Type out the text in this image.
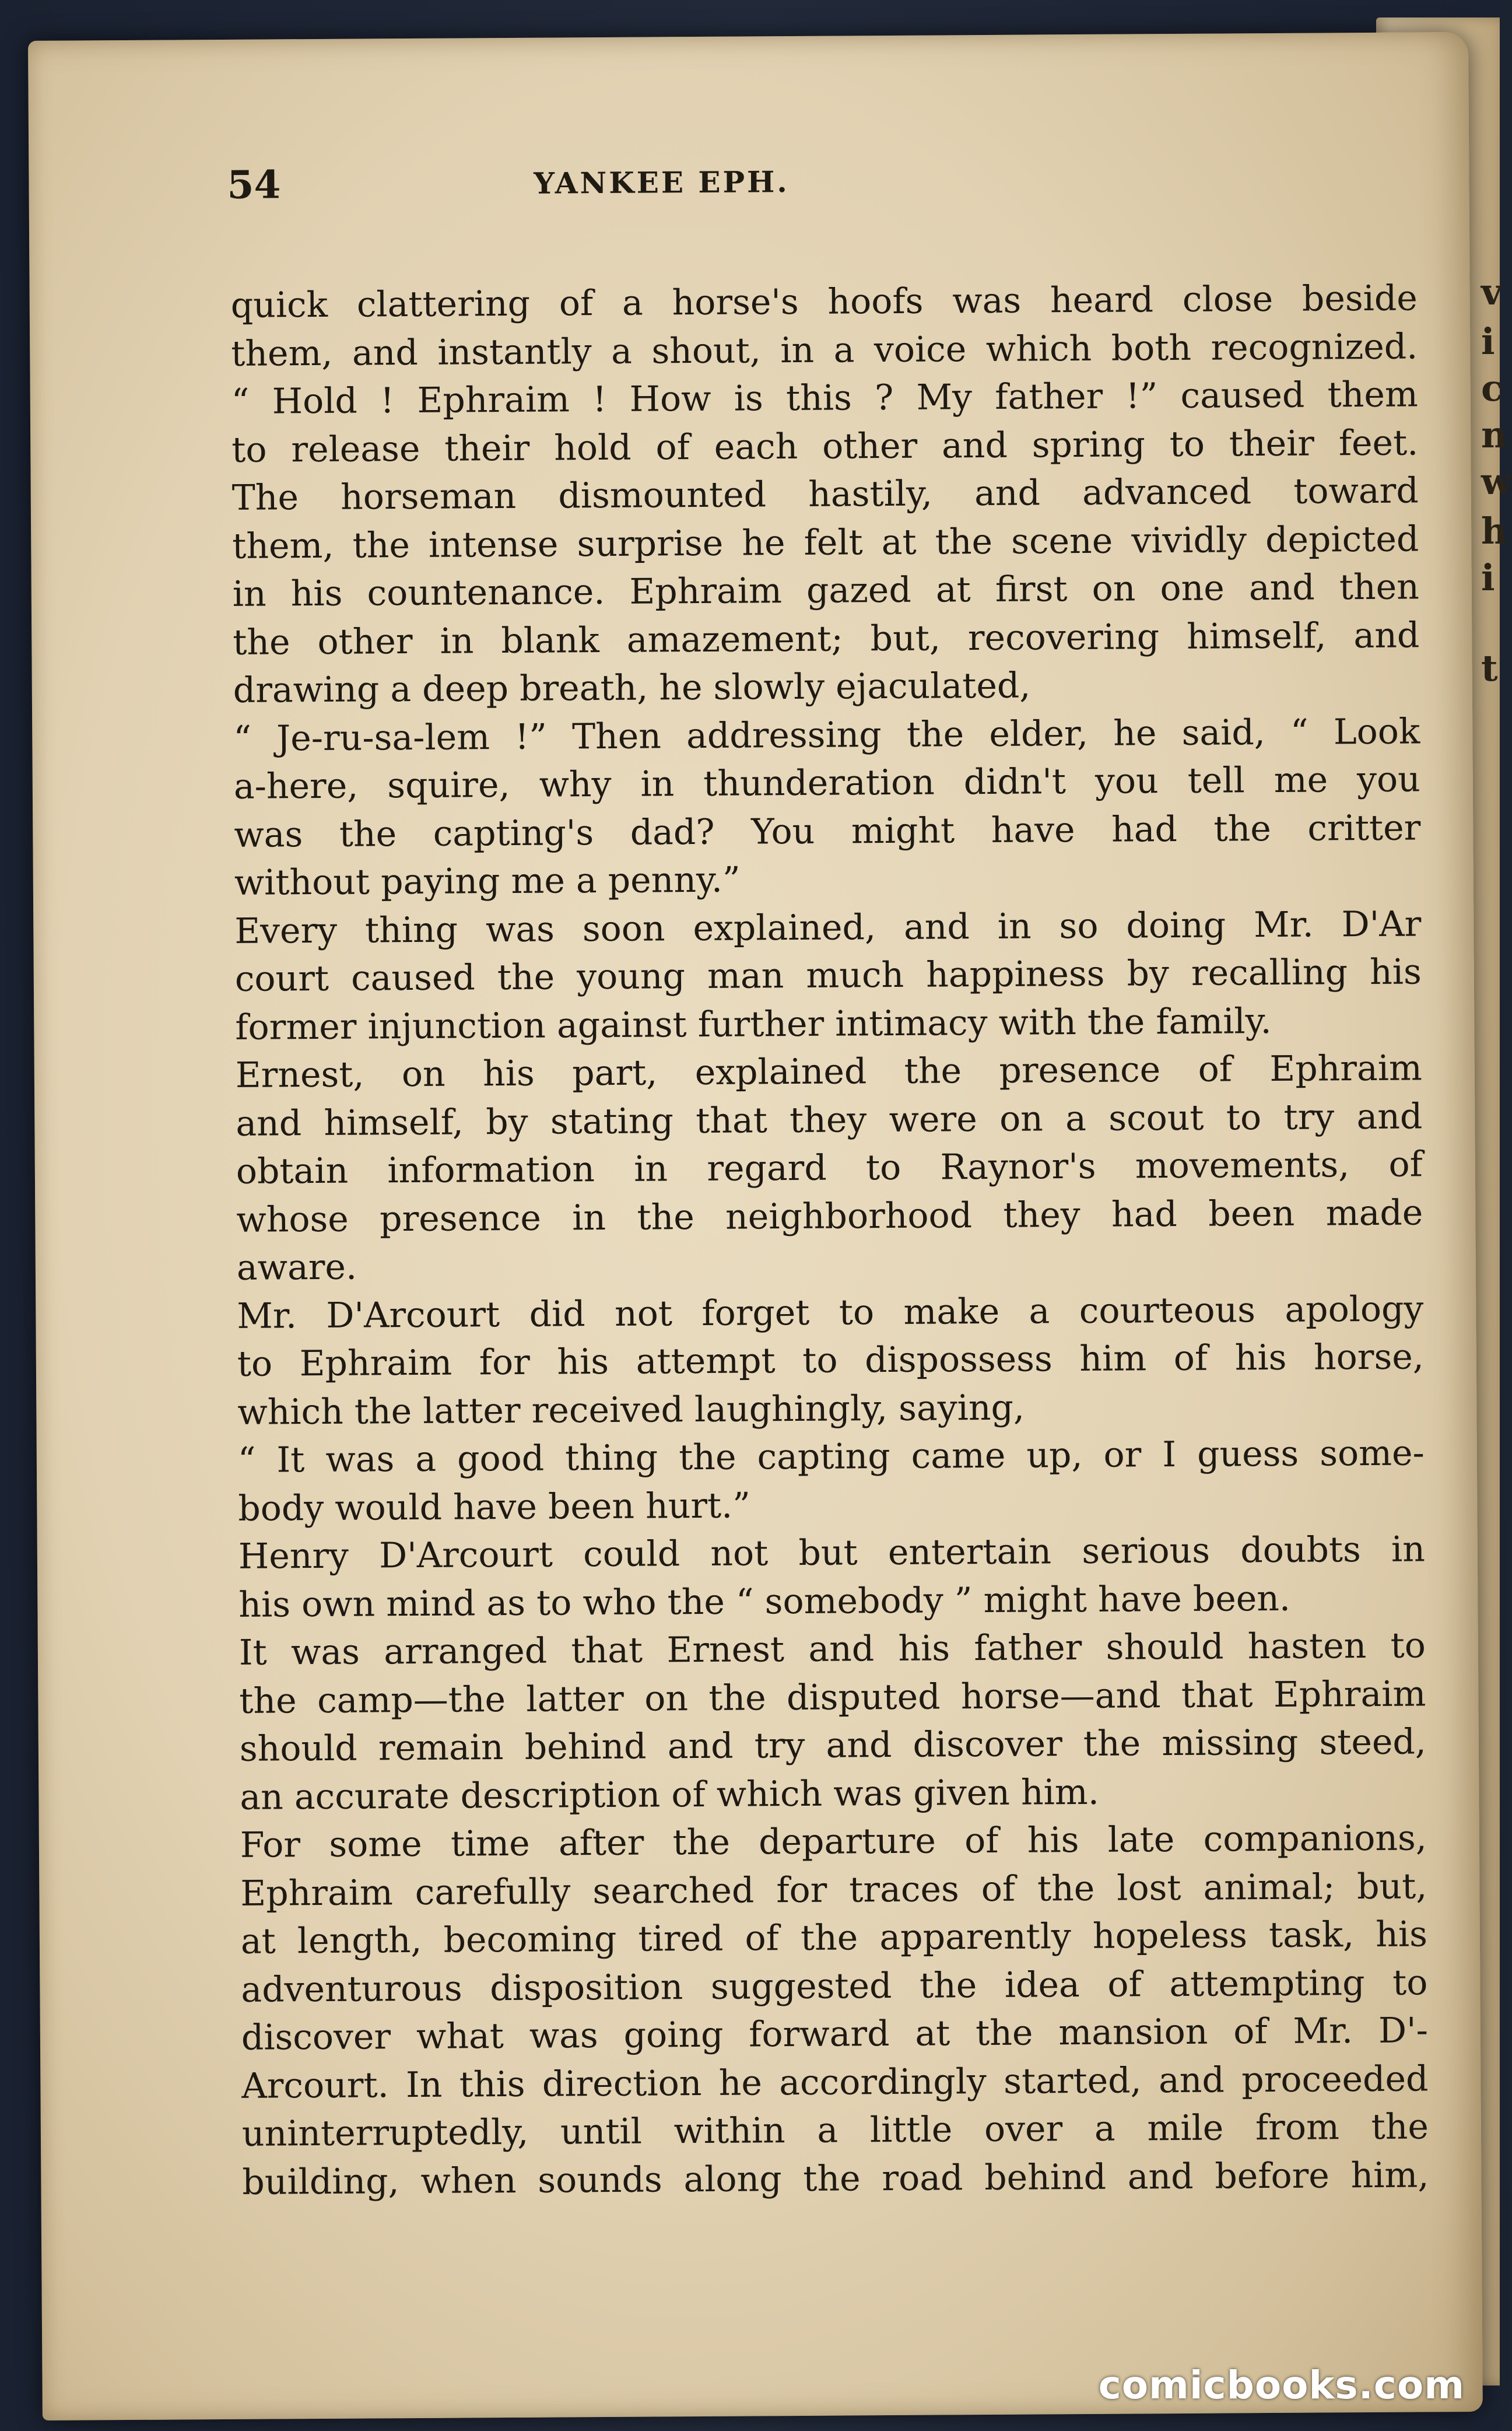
v
i
c
n
w
h
i
t
54	YANKEE EPH.
quick clattering of a horse's hoofs was heard close beside
them, and instantly a shout, in a voice which both recognized.
“ Hold ! Ephraim ! How is this ? My father !” caused them
to release their hold of each other and spring to their feet.
The horseman dismounted hastily, and advanced toward
them, the intense surprise he felt at the scene vividly depicted
in his countenance. Ephraim gazed at first on one and then
the other in blank amazement; but, recovering himself, and
drawing a deep breath, he slowly ejaculated,
“ Je-ru-sa-lem !” Then addressing the elder, he said, “ Look
a-here, squire, why in thunderation didn't you tell me you
was the capting's dad? You might have had the critter
without paying me a penny.”
Every thing was soon explained, and in so doing Mr. D'Ar
court caused the young man much happiness by recalling his
former injunction against further intimacy with the family.
Ernest, on his part, explained the presence of Ephraim
and himself, by stating that they were on a scout to try and
obtain information in regard to Raynor's movements, of
whose presence in the neighborhood they had been made
aware.
Mr. D'Arcourt did not forget to make a courteous apology
to Ephraim for his attempt to dispossess him of his horse,
which the latter received laughingly, saying,
“ It was a good thing the capting came up, or I guess some-
body would have been hurt.”
Henry D'Arcourt could not but entertain serious doubts in
his own mind as to who the “ somebody ” might have been.
It was arranged that Ernest and his father should hasten to
the camp—the latter on the disputed horse—and that Ephraim
should remain behind and try and discover the missing steed,
an accurate description of which was given him.
For some time after the departure of his late companions,
Ephraim carefully searched for traces of the lost animal; but,
at length, becoming tired of the apparently hopeless task, his
adventurous disposition suggested the idea of attempting to
discover what was going forward at the mansion of Mr. D'-
Arcourt. In this direction he accordingly started, and proceeded
uninterruptedly, until within a little over a mile from the
building, when sounds along the road behind and before him,
comicbooks.com
